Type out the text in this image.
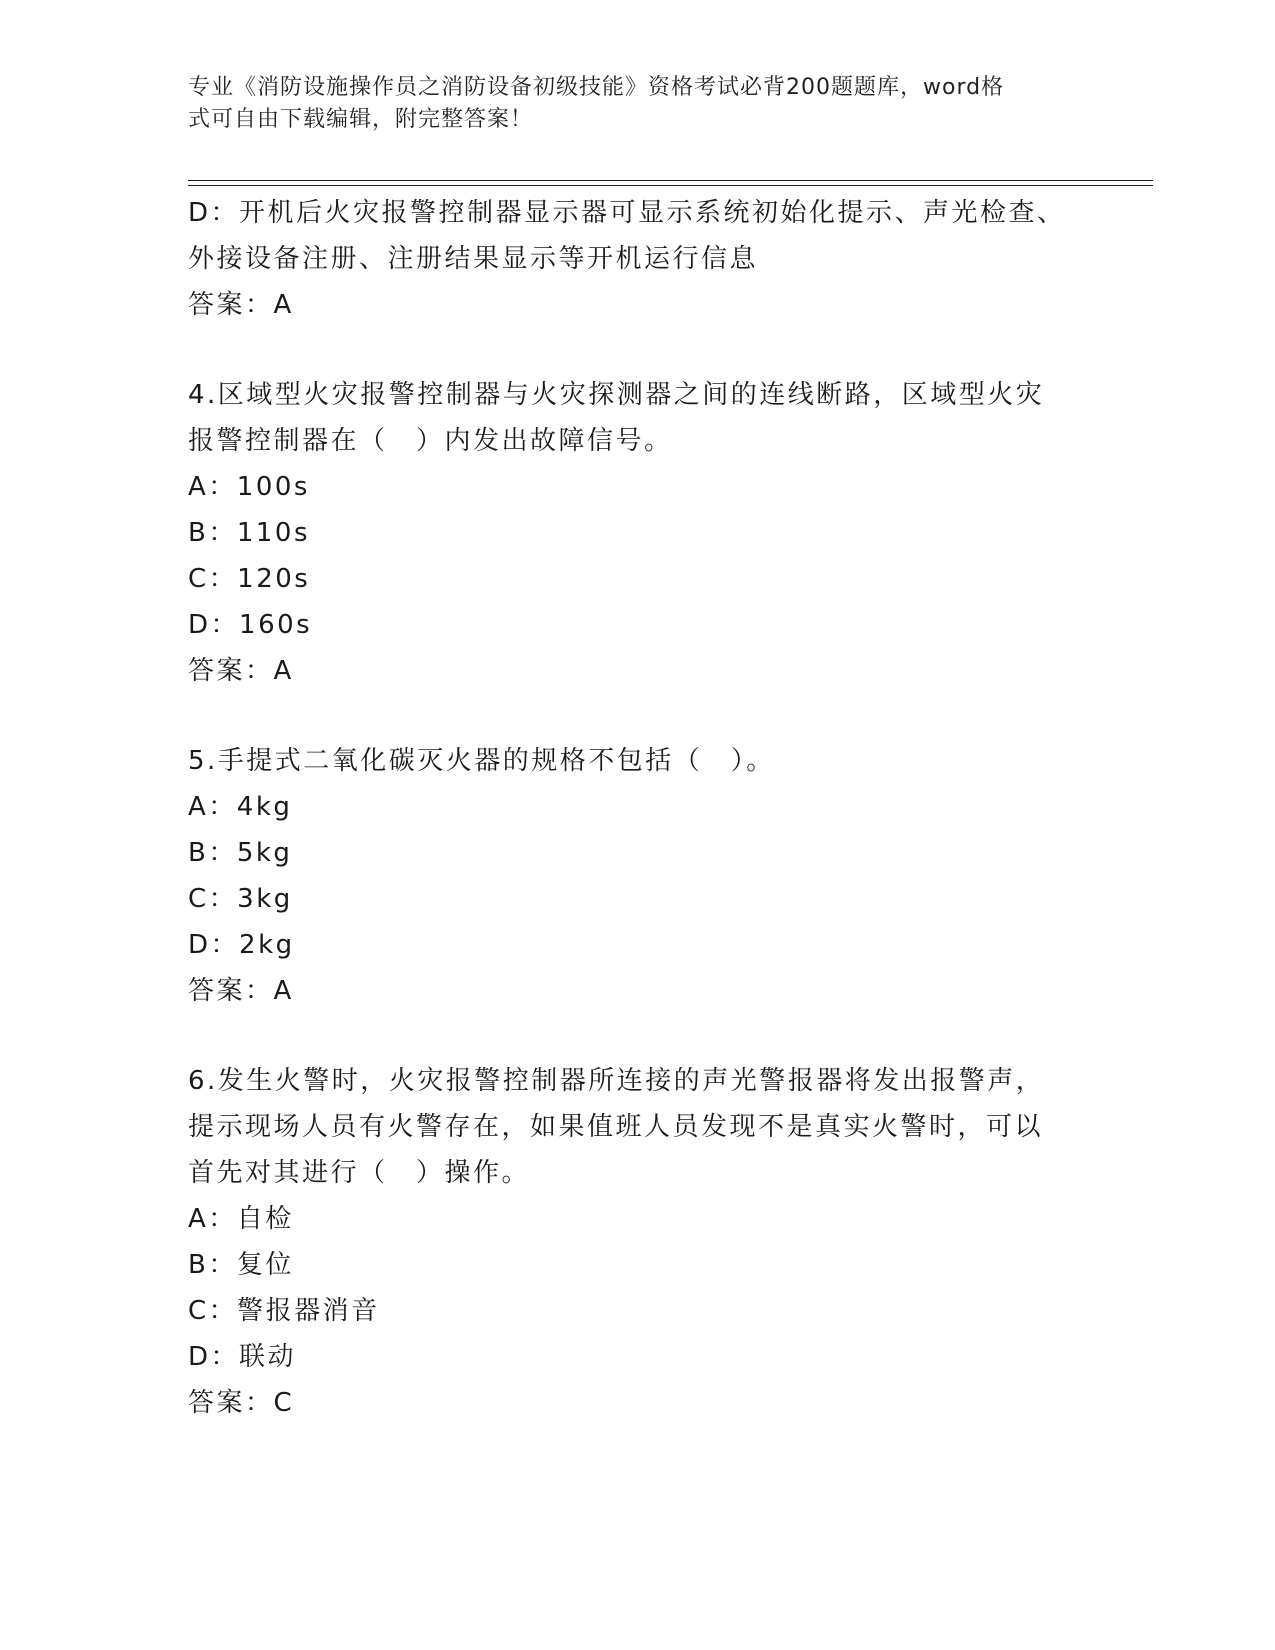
专业《消防设施操作员之消防设备初级技能》资格考试必背200题题库，word格
式可自由下载编辑，附完整答案！
D：开机后火灾报警控制器显示器可显示系统初始化提示、声光检查、
外接设备注册、注册结果显示等开机运行信息
答案：A
4.区域型火灾报警控制器与火灾探测器之间的连线断路，区域型火灾
报警控制器在（　）内发出故障信号。
A：100s
B：110s
C：120s
D：160s
答案：A
5.手提式二氧化碳灭火器的规格不包括（　）。
A：4kg
B：5kg
C：3kg
D：2kg
答案：A
6.发生火警时，火灾报警控制器所连接的声光警报器将发出报警声，
提示现场人员有火警存在，如果值班人员发现不是真实火警时，可以
首先对其进行（　）操作。
A：自检
B：复位
C：警报器消音
D：联动
答案：C
